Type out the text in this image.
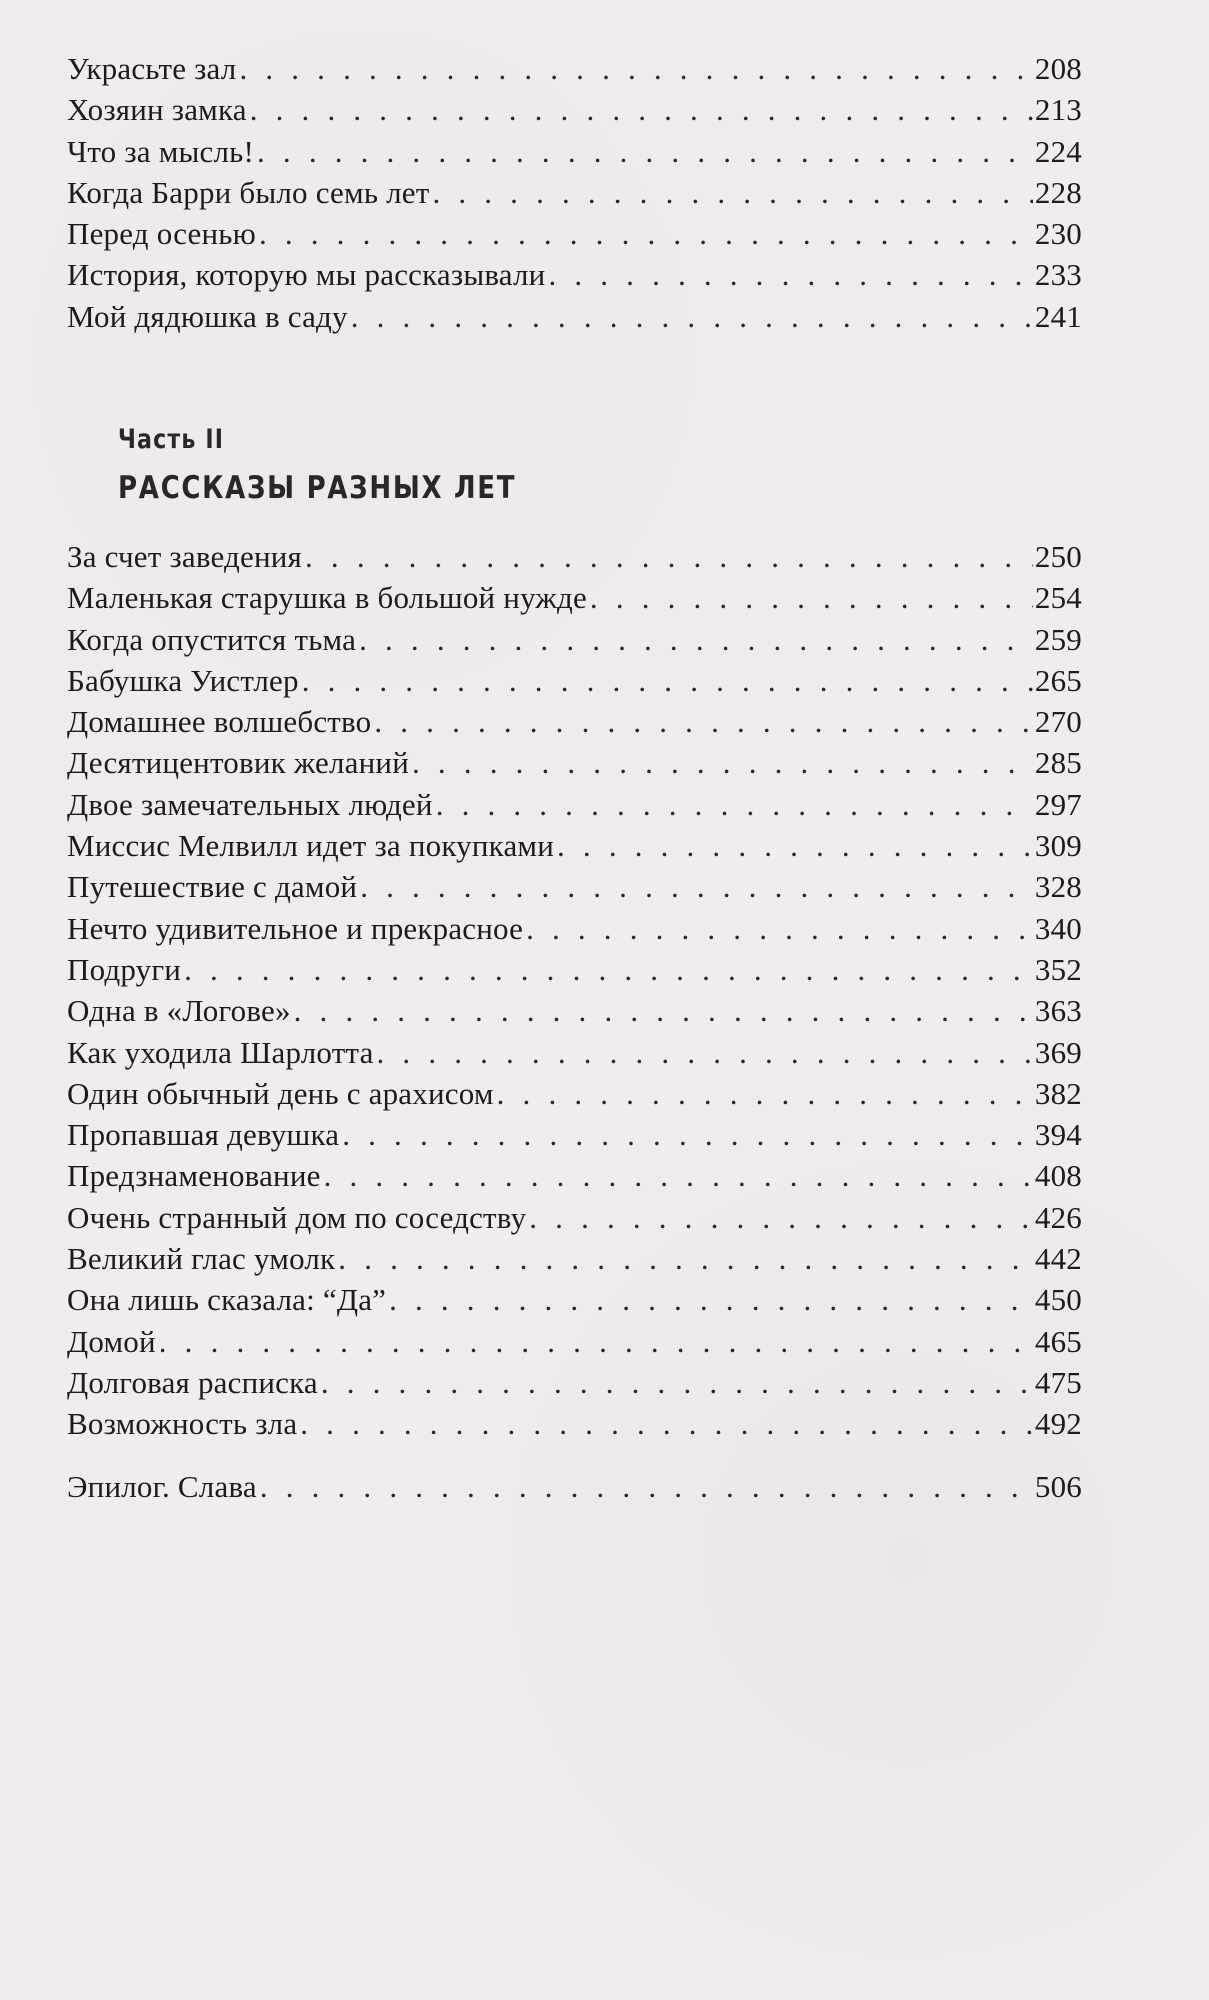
Украсьте зал . . .	208
Хозяин замка . . .	213
Что за мысль! . . .	224
Когда Барри было семь лет . . .	228
Перед осенью . . .	230
История, которую мы рассказывали . . .	233
Мой дядюшка в саду . . .	241
Часть II
РАССКАЗЫ РАЗНЫХ ЛЕТ
За счет заведения . . .	250
Маленькая старушка в большой нужде . . .	254
Когда опустится тьма . . .	259
Бабушка Уистлер . . .	265
Домашнее волшебство . . .	270
Десятицентовик желаний . . .	285
Двое замечательных людей . . .	297
Миссис Мелвилл идет за покупками . . .	309
Путешествие с дамой . . .	328
Нечто удивительное и прекрасное . . .	340
Подруги . . .	352
Одна в «Логове» . . .	363
Как уходила Шарлотта . . .	369
Один обычный день с арахисом . . .	382
Пропавшая девушка . . .	394
Предзнаменование . . .	408
Очень странный дом по соседству . . .	426
Великий глас умолк . . .	442
Она лишь сказала: “Да” . . .	450
Домой . . .	465
Долговая расписка . . .	475
Возможность зла . . .	492
Эпилог. Слава . . .	506
